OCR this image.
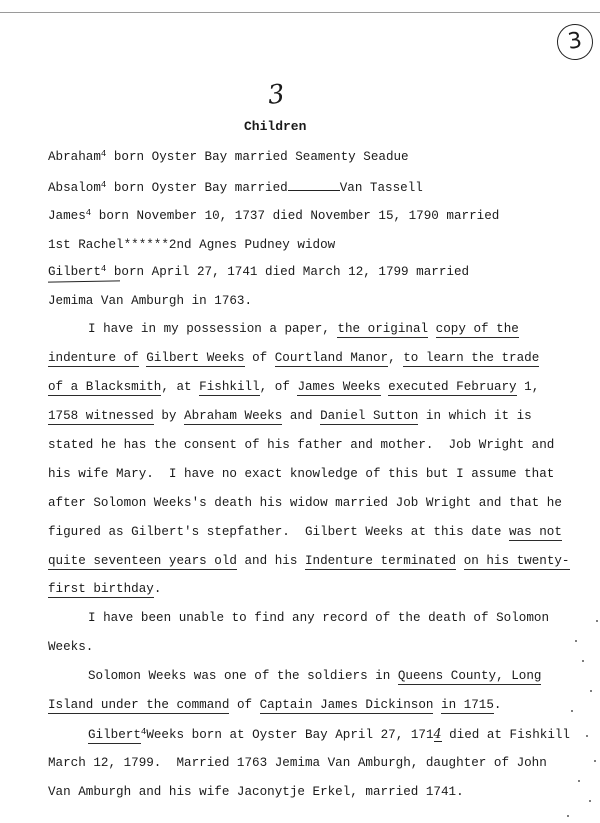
3
3
Children
Abraham$^4$ born Oyster Bay married Seamenty Seadue
Absalom$^4$ born Oyster Bay married	Van Tassell
James$^4$ born November 10, 1737 died November 15, 1790 married
1st Rachel******2nd Agnes Pudney widow
Gilbert$^4$ born April 27, 1741 died March 12, 1799 married
Jemima Van Amburgh in 1763.
I have in my possession a paper, the original copy of the
indenture of Gilbert Weeks of Courtland Manor, to learn the trade
of a Blacksmith, at Fishkill, of James Weeks executed February 1,
1758 witnessed by Abraham Weeks and Daniel Sutton in which it is
stated he has the consent of his father and mother.  Job Wright and
his wife Mary.  I have no exact knowledge of this but I assume that
after Solomon Weeks's death his widow married Job Wright and that he
figured as Gilbert's stepfather.  Gilbert Weeks at this date was not
quite seventeen years old and his Indenture terminated on his twenty-
first birthday.
I have been unable to find any record of the death of Solomon
Weeks.
Solomon Weeks was one of the soldiers in Queens County, Long
Island under the command of Captain James Dickinson in 1715.
Gilbert$^4$Weeks born at Oyster Bay April 27, 1714 died at Fishkill
March 12, 1799.  Married 1763 Jemima Van Amburgh, daughter of John
Van Amburgh and his wife Jaconytje Erkel, married 1741.
